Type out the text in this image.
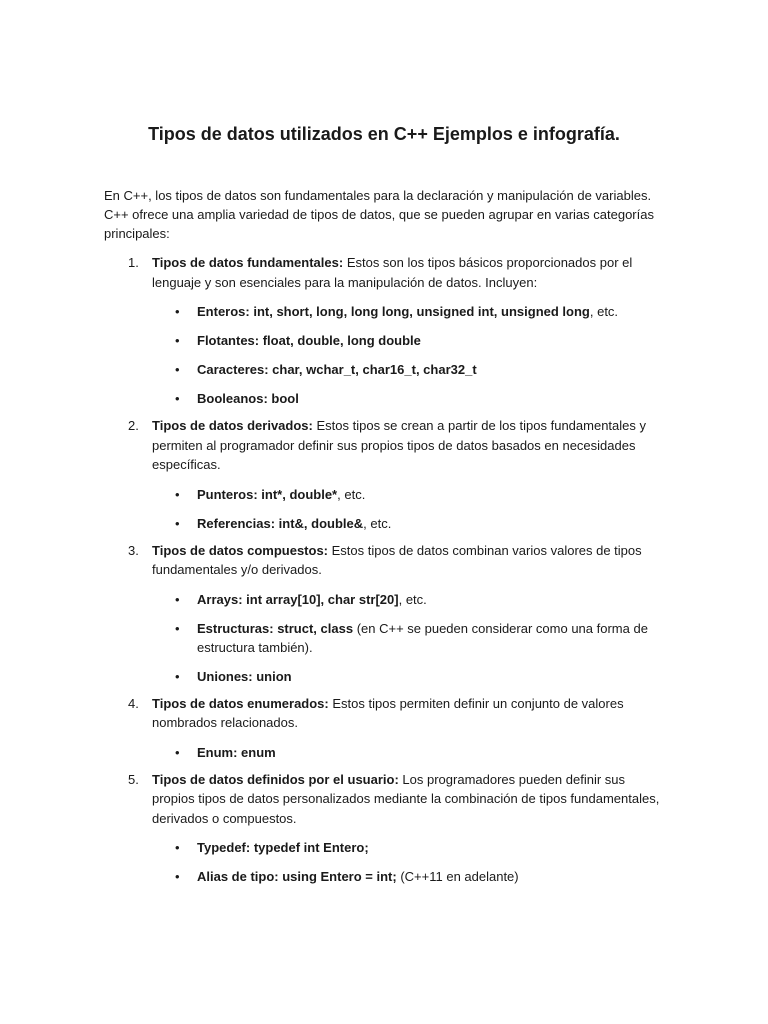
Tipos de datos utilizados en C++ Ejemplos e infografía.

En C++, los tipos de datos son fundamentales para la declaración y manipulación de variables. C++ ofrece una amplia variedad de tipos de datos, que se pueden agrupar en varias categorías principales:

1. Tipos de datos fundamentales: Estos son los tipos básicos proporcionados por el lenguaje y son esenciales para la manipulación de datos. Incluyen:
• Enteros: int, short, long, long long, unsigned int, unsigned long, etc.
• Flotantes: float, double, long double
• Caracteres: char, wchar_t, char16_t, char32_t
• Booleanos: bool
2. Tipos de datos derivados: Estos tipos se crean a partir de los tipos fundamentales y permiten al programador definir sus propios tipos de datos basados en necesidades específicas.
• Punteros: int*, double*, etc.
• Referencias: int&, double&, etc.
3. Tipos de datos compuestos: Estos tipos de datos combinan varios valores de tipos fundamentales y/o derivados.
• Arrays: int array[10], char str[20], etc.
• Estructuras: struct, class (en C++ se pueden considerar como una forma de estructura también).
• Uniones: union
4. Tipos de datos enumerados: Estos tipos permiten definir un conjunto de valores nombrados relacionados.
• Enum: enum
5. Tipos de datos definidos por el usuario: Los programadores pueden definir sus propios tipos de datos personalizados mediante la combinación de tipos fundamentales, derivados o compuestos.
• Typedef: typedef int Entero;
• Alias de tipo: using Entero = int; (C++11 en adelante)
